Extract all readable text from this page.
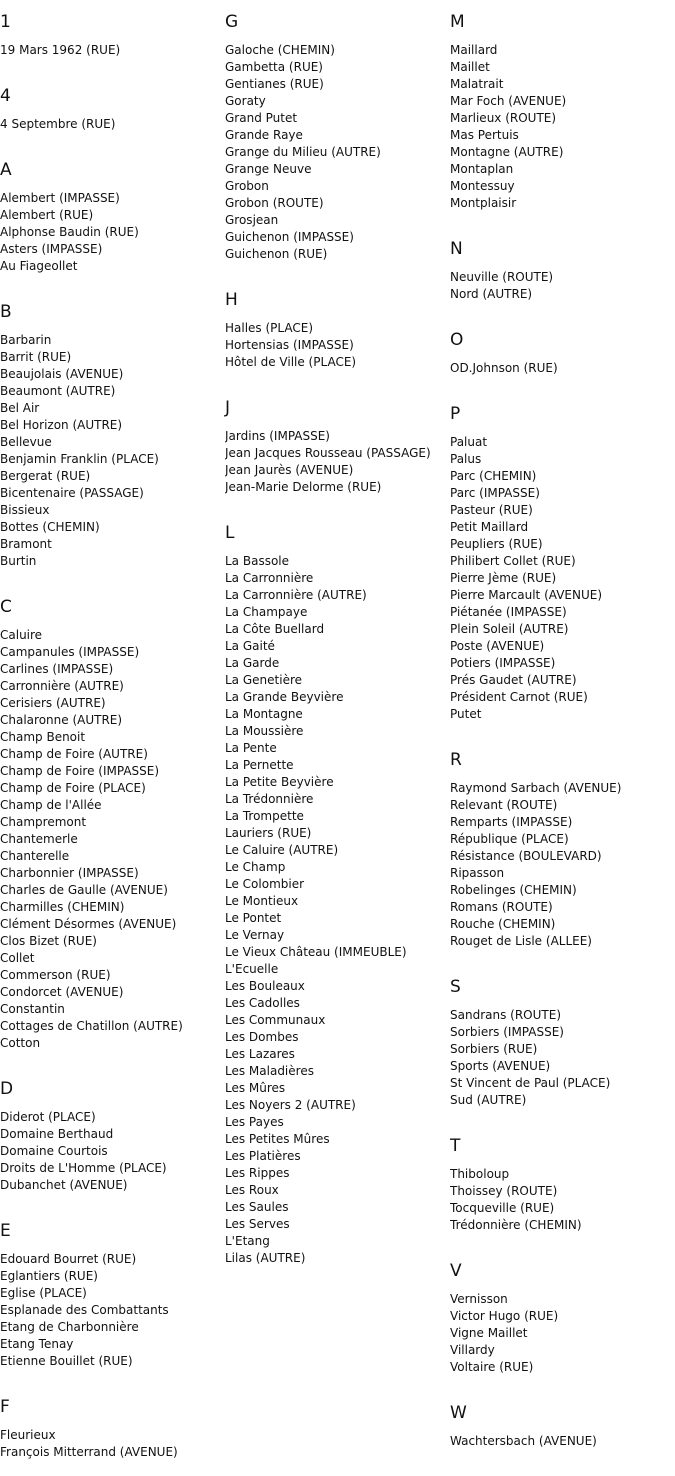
1
19 Mars 1962 (RUE)
4
4 Septembre (RUE)
A
Alembert (IMPASSE)
Alembert (RUE)
Alphonse Baudin (RUE)
Asters (IMPASSE)
Au Fiageollet
B
Barbarin
Barrit (RUE)
Beaujolais (AVENUE)
Beaumont (AUTRE)
Bel Air
Bel Horizon (AUTRE)
Bellevue
Benjamin Franklin (PLACE)
Bergerat (RUE)
Bicentenaire (PASSAGE)
Bissieux
Bottes (CHEMIN)
Bramont
Burtin
C
Caluire
Campanules (IMPASSE)
Carlines (IMPASSE)
Carronnière (AUTRE)
Cerisiers (AUTRE)
Chalaronne (AUTRE)
Champ Benoit
Champ de Foire (AUTRE)
Champ de Foire (IMPASSE)
Champ de Foire (PLACE)
Champ de l'Allée
Champremont
Chantemerle
Chanterelle
Charbonnier (IMPASSE)
Charles de Gaulle (AVENUE)
Charmilles (CHEMIN)
Clément Désormes (AVENUE)
Clos Bizet (RUE)
Collet
Commerson (RUE)
Condorcet (AVENUE)
Constantin
Cottages de Chatillon (AUTRE)
Cotton
D
Diderot (PLACE)
Domaine Berthaud
Domaine Courtois
Droits de L'Homme (PLACE)
Dubanchet (AVENUE)
E
Edouard Bourret (RUE)
Eglantiers (RUE)
Eglise (PLACE)
Esplanade des Combattants
Etang de Charbonnière
Etang Tenay
Etienne Bouillet (RUE)
F
Fleurieux
François Mitterrand (AVENUE)
G
Galoche (CHEMIN)
Gambetta (RUE)
Gentianes (RUE)
Goraty
Grand Putet
Grande Raye
Grange du Milieu (AUTRE)
Grange Neuve
Grobon
Grobon (ROUTE)
Grosjean
Guichenon (IMPASSE)
Guichenon (RUE)
H
Halles (PLACE)
Hortensias (IMPASSE)
Hôtel de Ville (PLACE)
J
Jardins (IMPASSE)
Jean Jacques Rousseau (PASSAGE)
Jean Jaurès (AVENUE)
Jean-Marie Delorme (RUE)
L
La Bassole
La Carronnière
La Carronnière (AUTRE)
La Champaye
La Côte Buellard
La Gaité
La Garde
La Genetière
La Grande Beyvière
La Montagne
La Moussière
La Pente
La Pernette
La Petite Beyvière
La Trédonnière
La Trompette
Lauriers (RUE)
Le Caluire (AUTRE)
Le Champ
Le Colombier
Le Montieux
Le Pontet
Le Vernay
Le Vieux Château (IMMEUBLE)
L'Ecuelle
Les Bouleaux
Les Cadolles
Les Communaux
Les Dombes
Les Lazares
Les Maladières
Les Mûres
Les Noyers 2 (AUTRE)
Les Payes
Les Petites Mûres
Les Platières
Les Rippes
Les Roux
Les Saules
Les Serves
L'Etang
Lilas (AUTRE)
M
Maillard
Maillet
Malatrait
Mar Foch (AVENUE)
Marlieux (ROUTE)
Mas Pertuis
Montagne (AUTRE)
Montaplan
Montessuy
Montplaisir
N
Neuville (ROUTE)
Nord (AUTRE)
O
OD.Johnson (RUE)
P
Paluat
Palus
Parc (CHEMIN)
Parc (IMPASSE)
Pasteur (RUE)
Petit Maillard
Peupliers (RUE)
Philibert Collet (RUE)
Pierre Jème (RUE)
Pierre Marcault (AVENUE)
Piétanée (IMPASSE)
Plein Soleil (AUTRE)
Poste (AVENUE)
Potiers (IMPASSE)
Prés Gaudet (AUTRE)
Président Carnot (RUE)
Putet
R
Raymond Sarbach (AVENUE)
Relevant (ROUTE)
Remparts (IMPASSE)
République (PLACE)
Résistance (BOULEVARD)
Ripasson
Robelinges (CHEMIN)
Romans (ROUTE)
Rouche (CHEMIN)
Rouget de Lisle (ALLEE)
S
Sandrans (ROUTE)
Sorbiers (IMPASSE)
Sorbiers (RUE)
Sports (AVENUE)
St Vincent de Paul (PLACE)
Sud (AUTRE)
T
Thiboloup
Thoissey (ROUTE)
Tocqueville (RUE)
Trédonnière (CHEMIN)
V
Vernisson
Victor Hugo (RUE)
Vigne Maillet
Villardy
Voltaire (RUE)
W
Wachtersbach (AVENUE)
